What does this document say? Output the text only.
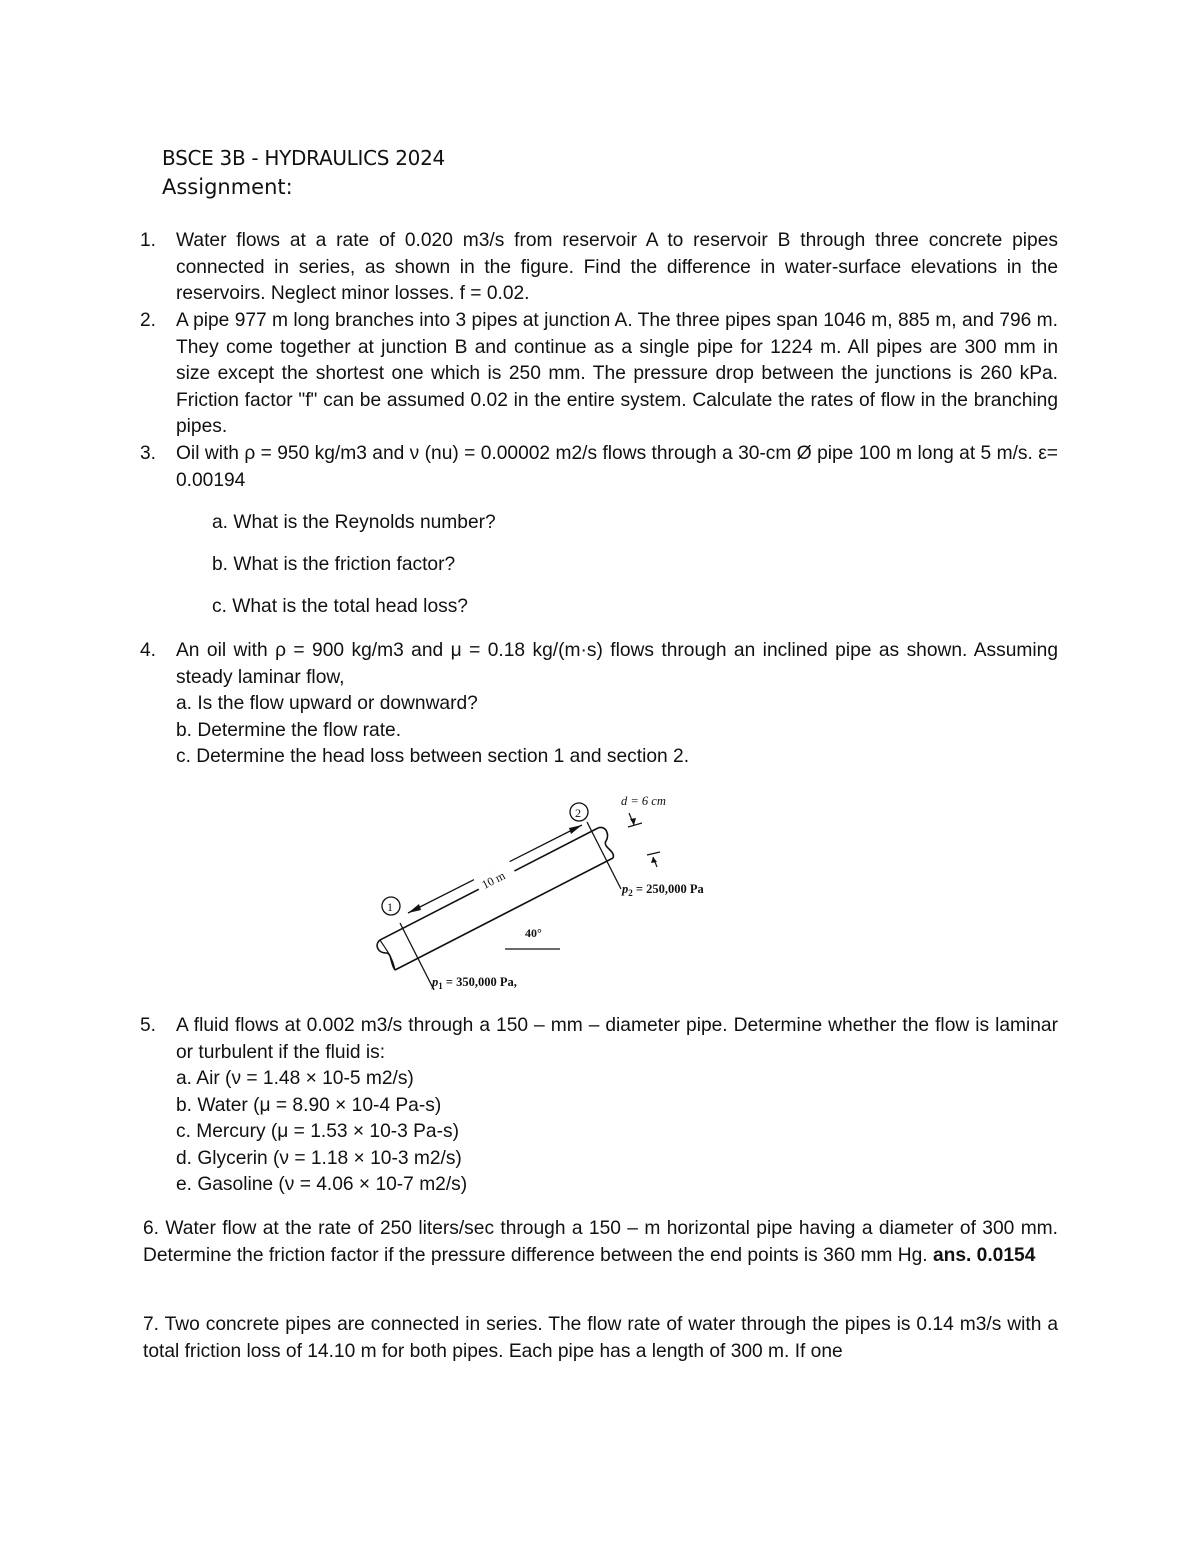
BSCE 3B - HYDRAULICS 2024
Assignment:
1. Water flows at a rate of 0.020 m3/s from reservoir A to reservoir B through three concrete pipes connected in series, as shown in the figure. Find the difference in water-surface elevations in the reservoirs. Neglect minor losses. f = 0.02.
2. A pipe 977 m long branches into 3 pipes at junction A. The three pipes span 1046 m, 885 m, and 796 m. They come together at junction B and continue as a single pipe for 1224 m. All pipes are 300 mm in size except the shortest one which is 250 mm. The pressure drop between the junctions is 260 kPa. Friction factor "f" can be assumed 0.02 in the entire system. Calculate the rates of flow in the branching pipes.
3. Oil with ρ = 950 kg/m3 and ν (nu) = 0.00002 m2/s flows through a 30-cm Ø pipe 100 m long at 5 m/s. ε= 0.00194
a. What is the Reynolds number?
b. What is the friction factor?
c. What is the total head loss?
4. An oil with ρ = 900 kg/m3 and μ = 0.18 kg/(m·s) flows through an inclined pipe as shown. Assuming steady laminar flow,
a. Is the flow upward or downward?
b. Determine the flow rate.
c. Determine the head loss between section 1 and section 2.
10 m
1
2
40°
d = 6 cm
$p_2 = 250,000$ Pa
$p_1 = 350,000$ Pa,
5. A fluid flows at 0.002 m3/s through a 150 – mm – diameter pipe. Determine whether the flow is laminar or turbulent if the fluid is:
a. Air (ν = 1.48 × 10-5 m2/s)
b. Water (μ = 8.90 × 10-4 Pa-s)
c. Mercury (μ = 1.53 × 10-3 Pa-s)
d. Glycerin (ν = 1.18 × 10-3 m2/s)
e. Gasoline (ν = 4.06 × 10-7 m2/s)
6. Water flow at the rate of 250 liters/sec through a 150 – m horizontal pipe having a diameter of 300 mm. Determine the friction factor if the pressure difference between the end points is 360 mm Hg. ans. 0.0154
7. Two concrete pipes are connected in series. The flow rate of water through the pipes is 0.14 m3/s with a total friction loss of 14.10 m for both pipes. Each pipe has a length of 300 m. If one
